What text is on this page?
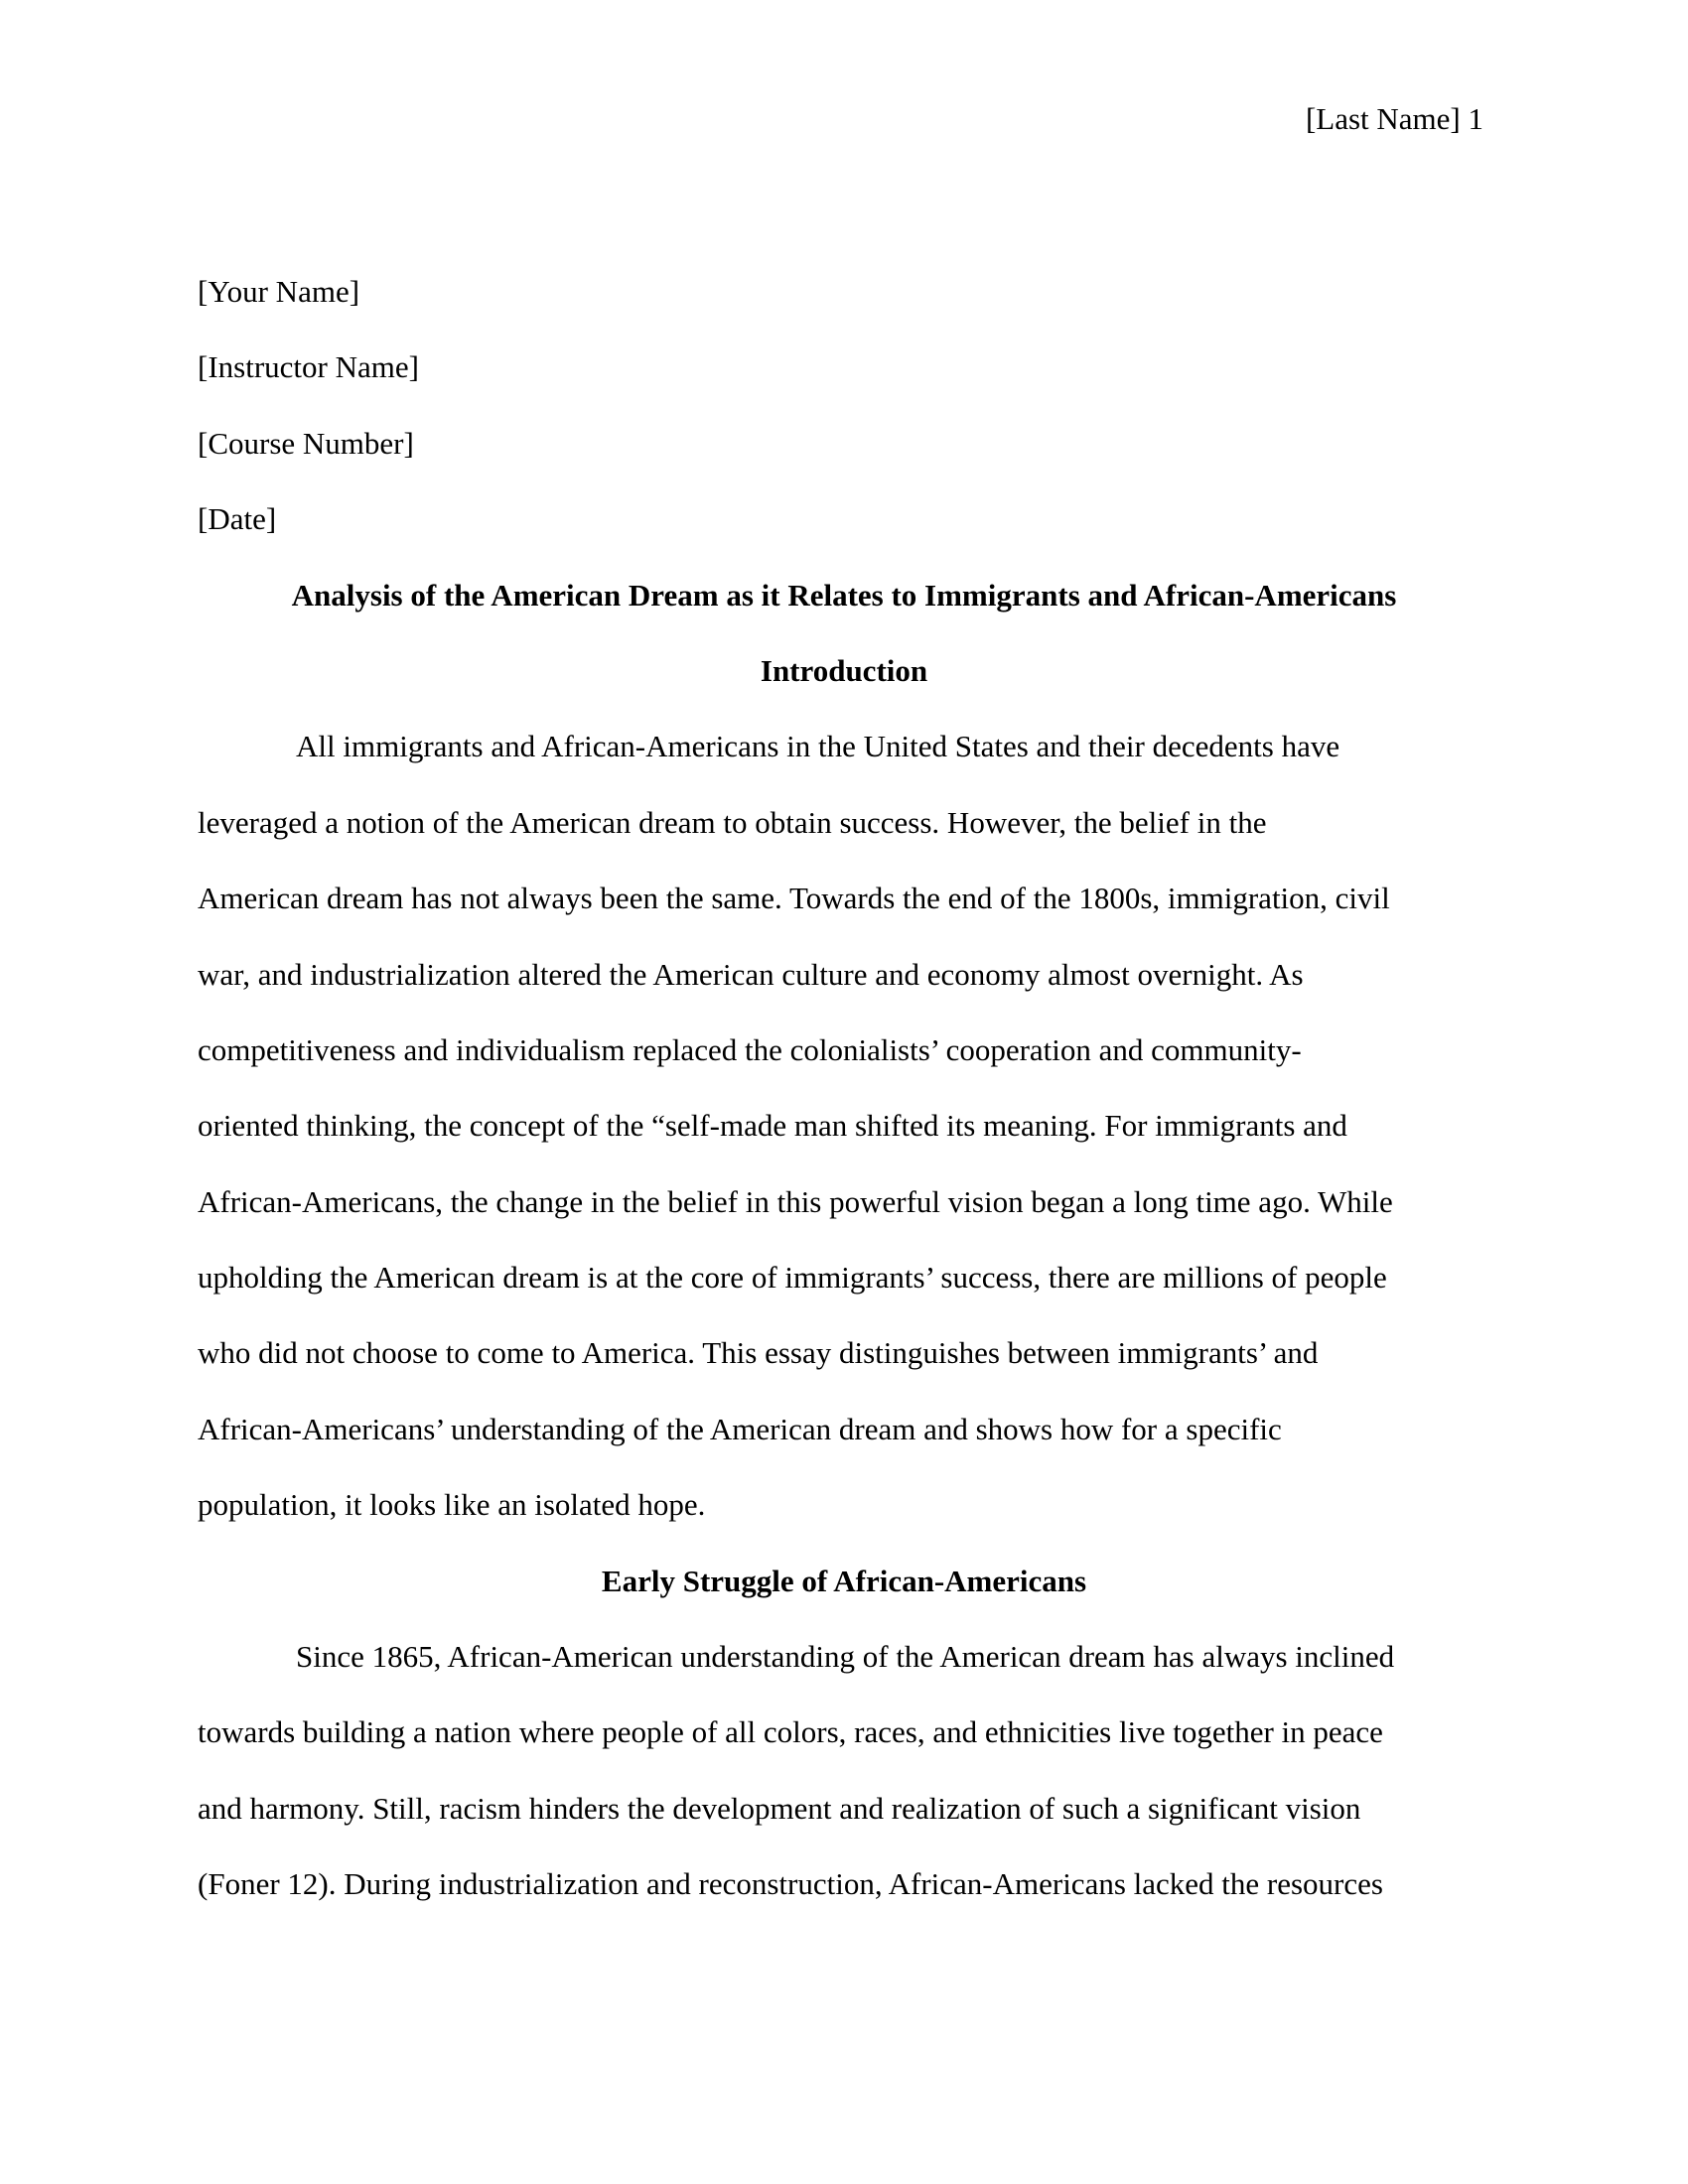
[Last Name] 1
[Your Name]
[Instructor Name]
[Course Number]
[Date]
Analysis of the American Dream as it Relates to Immigrants and African-Americans
Introduction
All immigrants and African-Americans in the United States and their decedents have
leveraged a notion of the American dream to obtain success. However, the belief in the
American dream has not always been the same. Towards the end of the 1800s, immigration, civil
war, and industrialization altered the American culture and economy almost overnight. As
competitiveness and individualism replaced the colonialists’ cooperation and community-
oriented thinking, the concept of the “self-made man shifted its meaning. For immigrants and
African-Americans, the change in the belief in this powerful vision began a long time ago. While
upholding the American dream is at the core of immigrants’ success, there are millions of people
who did not choose to come to America. This essay distinguishes between immigrants’ and
African-Americans’ understanding of the American dream and shows how for a specific
population, it looks like an isolated hope.
Early Struggle of African-Americans
Since 1865, African-American understanding of the American dream has always inclined
towards building a nation where people of all colors, races, and ethnicities live together in peace
and harmony. Still, racism hinders the development and realization of such a significant vision
(Foner 12). During industrialization and reconstruction, African-Americans lacked the resources
